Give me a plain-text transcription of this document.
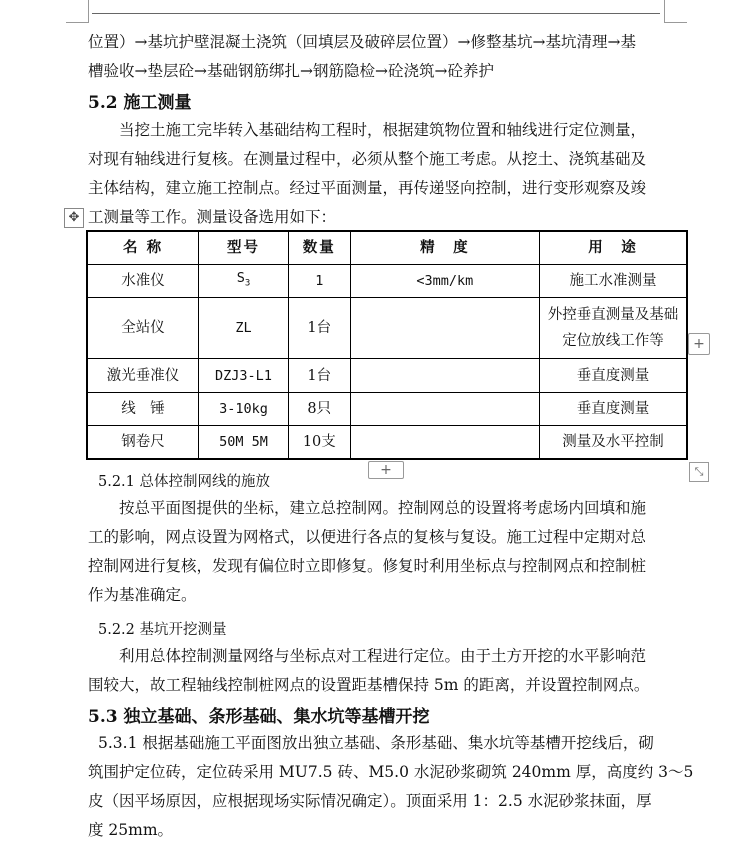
位置）→基坑护壁混凝土浇筑（回填层及破碎层位置）→修整基坑→基坑清理→基
槽验收→垫层砼→基础钢筋绑扎→钢筋隐检→砼浇筑→砼养护
5.2 施工测量
当挖土施工完毕转入基础结构工程时，根据建筑物位置和轴线进行定位测量，
对现有轴线进行复核。在测量过程中，必须从整个施工考虑。从挖土、浇筑基础及
主体结构，建立施工控制点。经过平面测量，再传递竖向控制，进行变形观察及竣
工测量等工作。测量设备选用如下：
✥
名 称	型号	数量	精　度	用　途
水准仪	$S_3$	1	<3mm/km	施工水准测量
全站仪	ZL	1台		外控垂直测量及基础
定位放线工作等

激光垂准仪	DZJ3-L1	1台		垂直度测量
线　锤	3-10kg	8只		垂直度测量
钢卷尺	50M 5M	10支		测量及水平控制
+
+	⤡
5.2.1 总体控制网线的施放
按总平面图提供的坐标，建立总控制网。控制网总的设置将考虑场内回填和施
工的影响，网点设置为网格式，以便进行各点的复核与复设。施工过程中定期对总
控制网进行复核，发现有偏位时立即修复。修复时利用坐标点与控制网点和控制桩
作为基准确定。
5.2.2 基坑开挖测量
利用总体控制测量网络与坐标点对工程进行定位。由于土方开挖的水平影响范
围较大，故工程轴线控制桩网点的设置距基槽保持 5m 的距离，并设置控制网点。
5.3 独立基础、条形基础、集水坑等基槽开挖
5.3.1 根据基础施工平面图放出独立基础、条形基础、集水坑等基槽开挖线后，砌
筑围护定位砖，定位砖采用 MU7.5 砖、M5.0 水泥砂浆砌筑 240mm 厚，高度约 3～5
皮（因平场原因，应根据现场实际情况确定）。顶面采用 1：2.5 水泥砂浆抹面，厚
度 25mm。
